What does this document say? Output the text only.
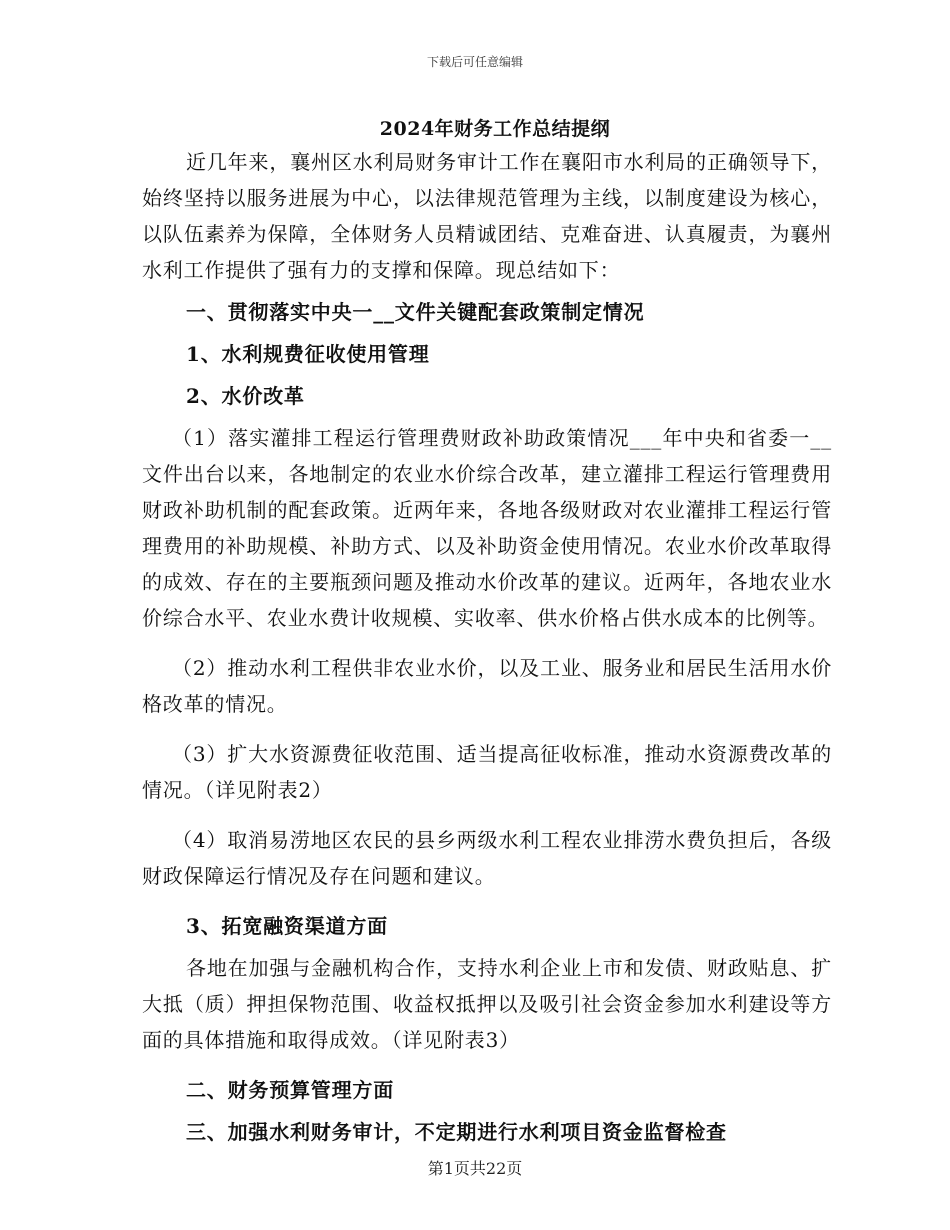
下载后可任意编辑
2024年财务工作总结提纲

近几年来，襄州区水利局财务审计工作在襄阳市水利局的正确领导下，始终坚持以服务进展为中心，以法律规范管理为主线，以制度建设为核心，以队伍素养为保障，全体财务人员精诚团结、克难奋进、认真履责，为襄州水利工作提供了强有力的支撑和保障。现总结如下：

一、贯彻落实中央一__文件关键配套政策制定情况

1、水利规费征收使用管理

2、水价改革

（1）落实灌排工程运行管理费财政补助政策情况___年中央和省委一__文件出台以来，各地制定的农业水价综合改革，建立灌排工程运行管理费用财政补助机制的配套政策。近两年来，各地各级财政对农业灌排工程运行管理费用的补助规模、补助方式、以及补助资金使用情况。农业水价改革取得的成效、存在的主要瓶颈问题及推动水价改革的建议。近两年，各地农业水价综合水平、农业水费计收规模、实收率、供水价格占供水成本的比例等。

（2）推动水利工程供非农业水价，以及工业、服务业和居民生活用水价格改革的情况。

（3）扩大水资源费征收范围、适当提高征收标准，推动水资源费改革的情况。（详见附表2）

（4）取消易涝地区农民的县乡两级水利工程农业排涝水费负担后，各级财政保障运行情况及存在问题和建议。

3、拓宽融资渠道方面

各地在加强与金融机构合作，支持水利企业上市和发债、财政贴息、扩大抵（质）押担保物范围、收益权抵押以及吸引社会资金参加水利建设等方面的具体措施和取得成效。（详见附表3）

二、财务预算管理方面

三、加强水利财务审计，不定期进行水利项目资金监督检查

第1页共22页
